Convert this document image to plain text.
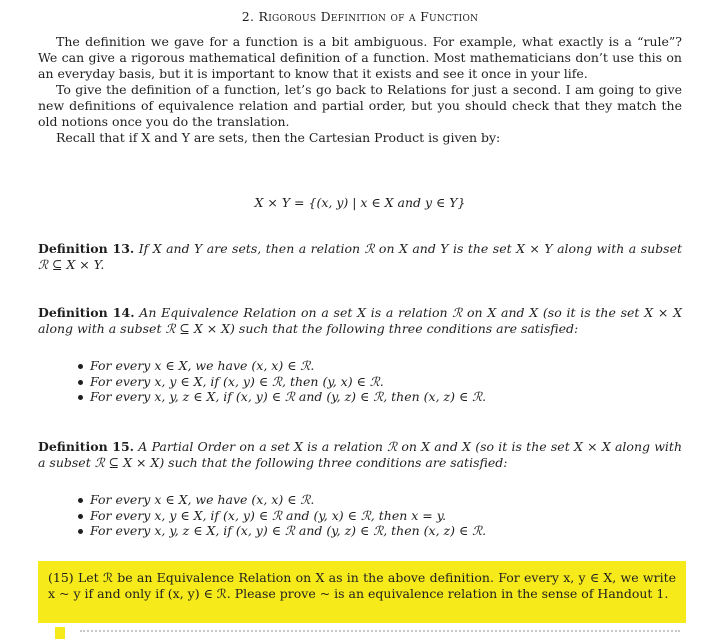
2. Rigorous Definition of a Function

The definition we gave for a function is a bit ambiguous. For example, what exactly is a “rule”? We can give a rigorous mathematical definition of a function. Most mathematicians don’t use this on an everyday basis, but it is important to know that it exists and see it once in your life.

To give the definition of a function, let’s go back to Relations for just a second. I am going to give new definitions of equivalence relation and partial order, but you should check that they match the old notions once you do the translation.

Recall that if X and Y are sets, then the Cartesian Product is given by:

X × Y = {(x, y) | x ∈ X and y ∈ Y}
Definition 13. If X and Y are sets, then a relation ℛ on X and Y is the set X × Y along with a subset ℛ ⊆ X × Y.
Definition 14. An Equivalence Relation on a set X is a relation ℛ on X and X (so it is the set X × X along with a subset ℛ ⊆ X × X) such that the following three conditions are satisfied:
For every x ∈ X, we have (x, x) ∈ ℛ.
For every x, y ∈ X, if (x, y) ∈ ℛ, then (y, x) ∈ ℛ.
For every x, y, z ∈ X, if (x, y) ∈ ℛ and (y, z) ∈ ℛ, then (x, z) ∈ ℛ.
Definition 15. A Partial Order on a set X is a relation ℛ on X and X (so it is the set X × X along with a subset ℛ ⊆ X × X) such that the following three conditions are satisfied:
For every x ∈ X, we have (x, x) ∈ ℛ.
For every x, y ∈ X, if (x, y) ∈ ℛ and (y, x) ∈ ℛ, then x = y.
For every x, y, z ∈ X, if (x, y) ∈ ℛ and (y, z) ∈ ℛ, then (x, z) ∈ ℛ.
(15) Let ℛ be an Equivalence Relation on X as in the above definition. For every x, y ∈ X, we write x ~ y if and only if (x, y) ∈ ℛ. Please prove ~ is an equivalence relation in the sense of Handout 1.
